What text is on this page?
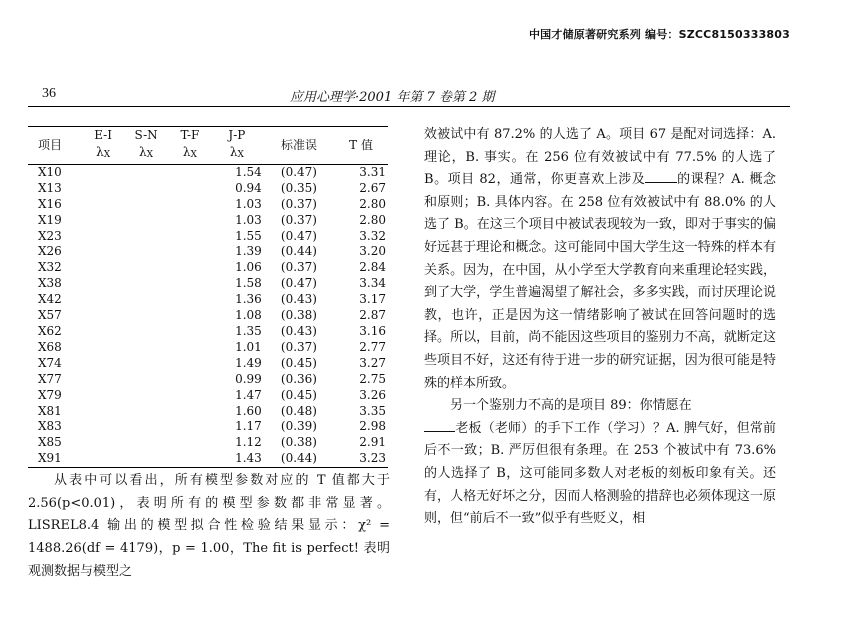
中国才储原著研究系列 编号：SZCC8150333803
36	应用心理学·2001 年第 7 卷第 2 期
项目	E-I	S-N	T-F	J-P	标准误	T 值
	λX	λX	λX	λX		
X10				1.54	(0.47)	3.31
X13				0.94	(0.35)	2.67
X16				1.03	(0.37)	2.80
X19				1.03	(0.37)	2.80
X23				1.55	(0.47)	3.32
X26				1.39	(0.44)	3.20
X32				1.06	(0.37)	2.84
X38				1.58	(0.47)	3.34
X42				1.36	(0.43)	3.17
X57				1.08	(0.38)	2.87
X62				1.35	(0.43)	3.16
X68				1.01	(0.37)	2.77
X74				1.49	(0.45)	3.27
X77				0.99	(0.36)	2.75
X79				1.47	(0.45)	3.26
X81				1.60	(0.48)	3.35
X83				1.17	(0.39)	2.98
X85				1.12	(0.38)	2.91
X91				1.43	(0.44)	3.23

从表中可以看出，所有模型参数对应的 T 值都大于 2.56(p<0.01)，表明所有的模型参数都非常显著。LISREL8.4 输出的模型拟合性检验结果显示：χ² = 1488.26(df = 4179)，p = 1.00，The fit is perfect! 表明观测数据与模型之

效被试中有 87.2% 的人选了 A。项目 67 是配对词选择：A. 理论，B. 事实。在 256 位有效被试中有 77.5% 的人选了 B。项目 82，通常，你更喜欢上涉及 的课程？A. 概念和原则；B. 具体内容。在 258 位有效被试中有 88.0% 的人选了 B。在这三个项目中被试表现较为一致，即对于事实的偏好远甚于理论和概念。这可能同中国大学生这一特殊的样本有关系。因为，在中国，从小学至大学教育向来重理论轻实践，到了大学，学生普遍渴望了解社会，多多实践，而讨厌理论说教，也许，正是因为这一情绪影响了被试在回答问题时的选择。所以，目前，尚不能因这些项目的鉴别力不高，就断定这些项目不好，这还有待于进一步的研究证据，因为很可能是特殊的样本所致。

另一个鉴别力不高的是项目 89：你情愿在
老板（老师）的手下工作（学习）？A. 脾气好，但常前后不一致；B. 严厉但很有条理。在 253 个被试中有 73.6% 的人选择了 B，这可能同多数人对老板的刻板印象有关。还有，人格无好坏之分，因而人格测验的措辞也必须体现这一原则，但“前后不一致”似乎有些贬义，相
